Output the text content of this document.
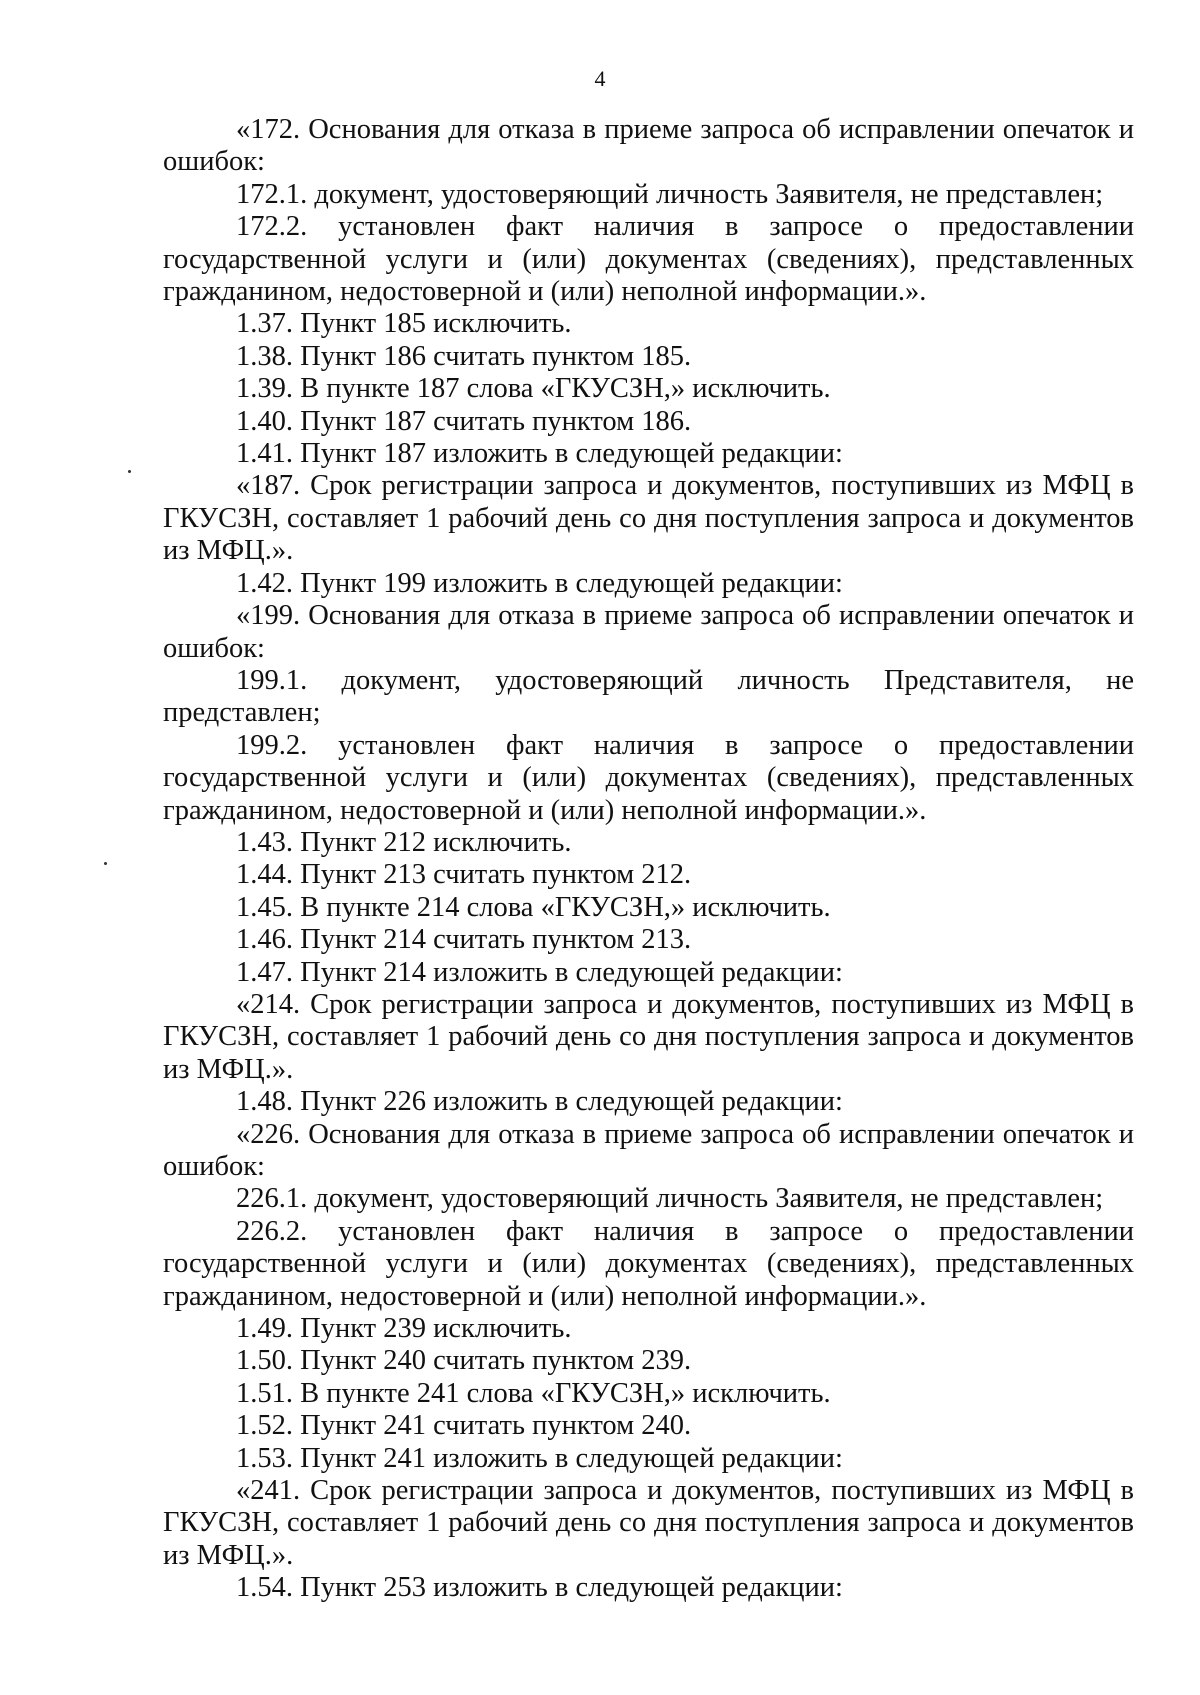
4

«172. Основания для отказа в приеме запроса об исправлении опечаток и ошибок:

172.1. документ, удостоверяющий личность Заявителя, не представлен;

172.2. установлен факт наличия в запросе о предоставлении государственной услуги и (или) документах (сведениях), представленных гражданином, недостоверной и (или) неполной информации.».

1.37. Пункт 185 исключить.

1.38. Пункт 186 считать пунктом 185.

1.39. В пункте 187 слова «ГКУСЗН,» исключить.

1.40. Пункт 187 считать пунктом 186.

1.41. Пункт 187 изложить в следующей редакции:

«187. Срок регистрации запроса и документов, поступивших из МФЦ в ГКУСЗН, составляет 1 рабочий день со дня поступления запроса и документов из МФЦ.».

1.42. Пункт 199 изложить в следующей редакции:

«199. Основания для отказа в приеме запроса об исправлении опечаток и ошибок:

199.1. документ, удостоверяющий личность Представителя, не представлен;

199.2. установлен факт наличия в запросе о предоставлении государственной услуги и (или) документах (сведениях), представленных гражданином, недостоверной и (или) неполной информации.».

1.43. Пункт 212 исключить.

1.44. Пункт 213 считать пунктом 212.

1.45. В пункте 214 слова «ГКУСЗН,» исключить.

1.46. Пункт 214 считать пунктом 213.

1.47. Пункт 214 изложить в следующей редакции:

«214. Срок регистрации запроса и документов, поступивших из МФЦ в ГКУСЗН, составляет 1 рабочий день со дня поступления запроса и документов из МФЦ.».

1.48. Пункт 226 изложить в следующей редакции:

«226. Основания для отказа в приеме запроса об исправлении опечаток и ошибок:

226.1. документ, удостоверяющий личность Заявителя, не представлен;

226.2. установлен факт наличия в запросе о предоставлении государственной услуги и (или) документах (сведениях), представленных гражданином, недостоверной и (или) неполной информации.».

1.49. Пункт 239 исключить.

1.50. Пункт 240 считать пунктом 239.

1.51. В пункте 241 слова «ГКУСЗН,» исключить.

1.52. Пункт 241 считать пунктом 240.

1.53. Пункт 241 изложить в следующей редакции:

«241. Срок регистрации запроса и документов, поступивших из МФЦ в ГКУСЗН, составляет 1 рабочий день со дня поступления запроса и документов из МФЦ.».

1.54. Пункт 253 изложить в следующей редакции:
